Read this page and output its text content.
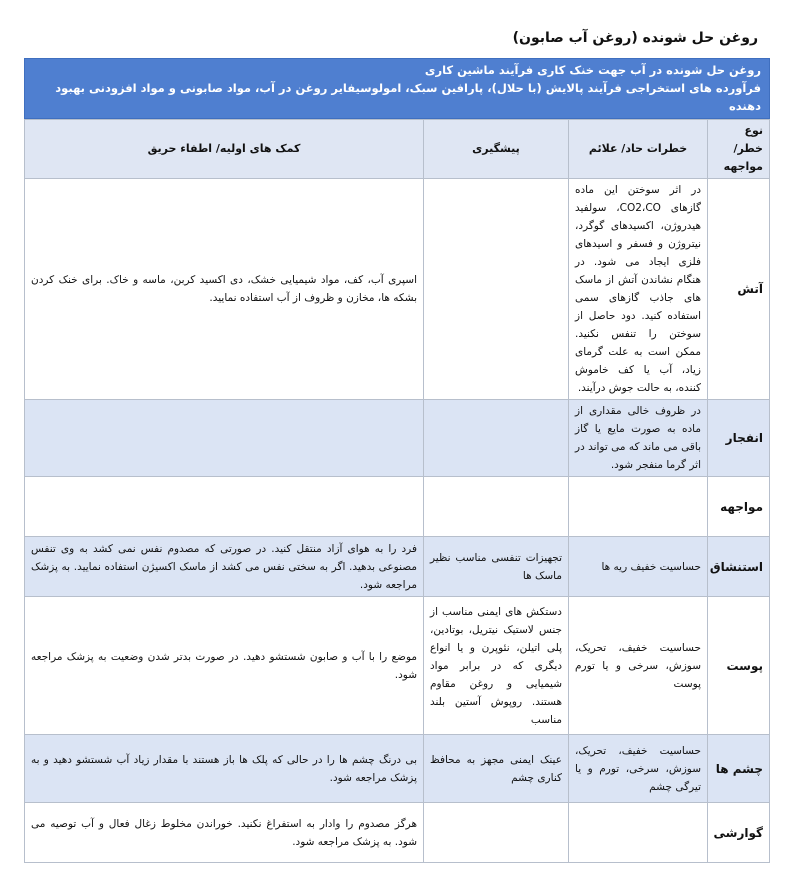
روغن حل شونده (روغن آب صابون)
روغن حل شونده در آب جهت خنک کاری فرآیند ماشین کاری
فرآورده های استخراجی فرآیند پالایش (با حلال)، پارافین سبک، امولوسیفایر روغن در آب، مواد صابونی و مواد افزودنی بهبود دهنده
نوع خطر/ مواجهه	خطرات حاد/ علائم	پیشگیری	کمک های اولیه/ اطفاء حریق
آتش	در اثر سوختن این ماده گازهای CO2،CO، سولفید هیدروژن، اکسیدهای گوگرد، نیتروژن و فسفر و اسیدهای فلزی ایجاد می شود. در هنگام نشاندن آتش از ماسک های جاذب گازهای سمی استفاده کنید. دود حاصل از سوختن را تنفس نکنید. ممکن است به علت گرمای زیاد، آب یا کف خاموش کننده، به حالت جوش درآیند.		اسپری آب، کف، مواد شیمیایی خشک، دی اکسید کربن، ماسه و خاک. برای خنک کردن بشکه ها، مخازن و ظروف از آب استفاده نمایید.
انفجار	در ظروف خالی مقداری از ماده به صورت مایع یا گاز باقی می ماند که می تواند در اثر گرما منفجر شود.		
مواجهه			
استنشاق	حساسیت خفیف ریه ها	تجهیزات تنفسی مناسب نظیر ماسک ها	فرد را به هوای آزاد منتقل کنید. در صورتی که مصدوم نفس نمی کشد به وی تنفس مصنوعی بدهید. اگر به سختی نفس می کشد از ماسک اکسیژن استفاده نمایید. به پزشک مراجعه شود.
پوست	حساسیت خفیف، تحریک، سوزش، سرخی و یا تورم پوست	دستکش های ایمنی مناسب از جنس لاستیک نیتریل، بوتادین، پلی اتیلن، نئوپرن و یا انواع دیگری که در برابر مواد شیمیایی و روغن مقاوم هستند. روپوش آستین بلند مناسب	موضع را با آب و صابون شستشو دهید. در صورت بدتر شدن وضعیت به پزشک مراجعه شود.
چشم ها	حساسیت خفیف، تحریک، سوزش، سرخی، تورم و یا تیرگی چشم	عینک ایمنی مجهز به محافظ کناری چشم	بی درنگ چشم ها را در حالی که پلک ها باز هستند با مقدار زیاد آب شستشو دهید و به پزشک مراجعه شود.
گوارشی			هرگز مصدوم را وادار به استفراغ نکنید. خوراندن مخلوط زغال فعال و آب توصیه می شود. به پزشک مراجعه شود.
